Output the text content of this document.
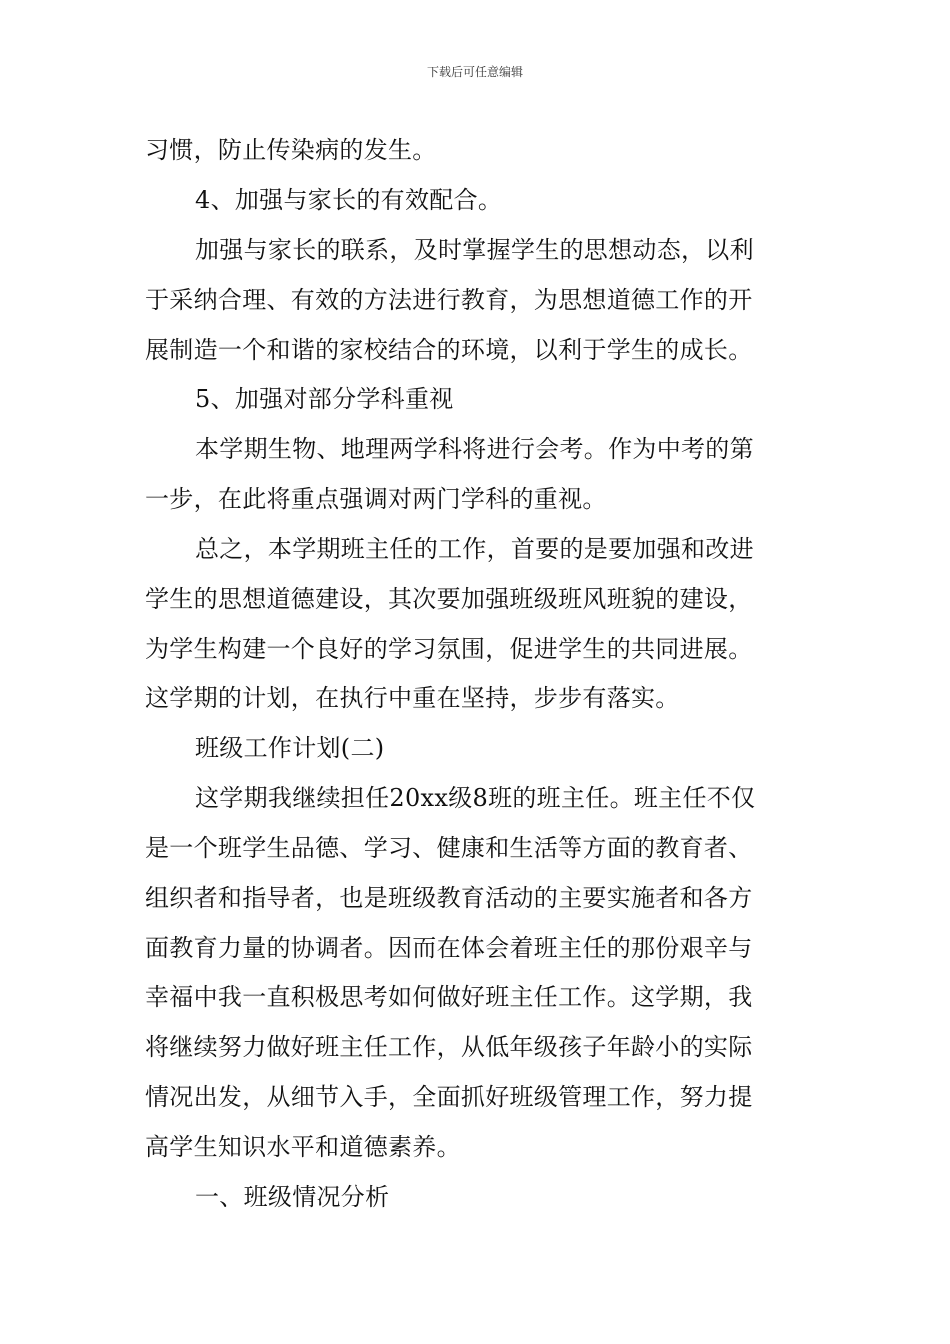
下载后可任意编辑
习惯，防止传染病的发生。
4、加强与家长的有效配合。
加强与家长的联系，及时掌握学生的思想动态，以利
于采纳合理、有效的方法进行教育，为思想道德工作的开
展制造一个和谐的家校结合的环境，以利于学生的成长。
5、加强对部分学科重视
本学期生物、地理两学科将进行会考。作为中考的第
一步，在此将重点强调对两门学科的重视。
总之，本学期班主任的工作，首要的是要加强和改进
学生的思想道德建设，其次要加强班级班风班貌的建设，
为学生构建一个良好的学习氛围，促进学生的共同进展。
这学期的计划，在执行中重在坚持，步步有落实。
班级工作计划(二)
这学期我继续担任20xx级8班的班主任。班主任不仅
是一个班学生品德、学习、健康和生活等方面的教育者、
组织者和指导者，也是班级教育活动的主要实施者和各方
面教育力量的协调者。因而在体会着班主任的那份艰辛与
幸福中我一直积极思考如何做好班主任工作。这学期，我
将继续努力做好班主任工作，从低年级孩子年龄小的实际
情况出发，从细节入手，全面抓好班级管理工作，努力提
高学生知识水平和道德素养。
一、班级情况分析
